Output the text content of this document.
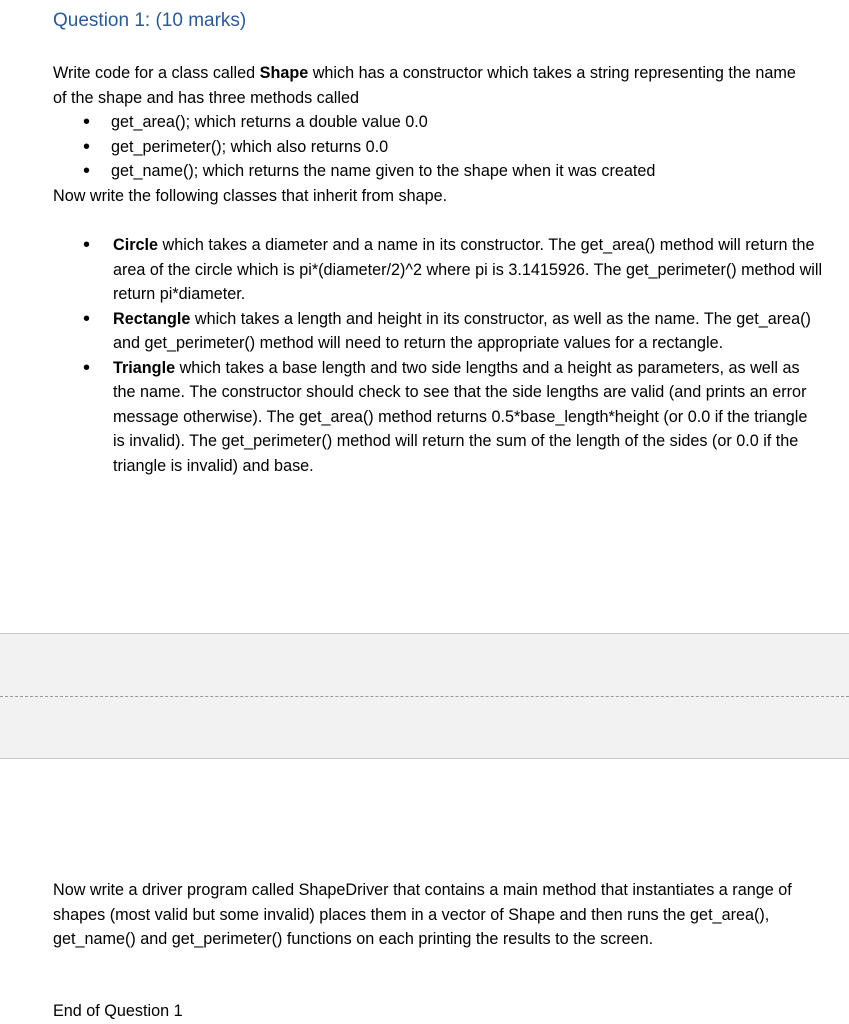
Question 1: (10 marks)

Write code for a class called Shape which has a constructor which takes a string representing the name of the shape and has three methods called

• get_area(); which returns a double value 0.0
• get_perimeter(); which also returns 0.0
• get_name(); which returns the name given to the shape when it was created

Now write the following classes that inherit from shape.

• Circle which takes a diameter and a name in its constructor. The get_area() method will return the area of the circle which is pi*(diameter/2)^2 where pi is 3.1415926. The get_perimeter() method will return pi*diameter.
• Rectangle which takes a length and height in its constructor, as well as the name. The get_area() and get_perimeter() method will need to return the appropriate values for a rectangle.
• Triangle which takes a base length and two side lengths and a height as parameters, as well as the name. The constructor should check to see that the side lengths are valid (and prints an error message otherwise). The get_area() method returns 0.5*base_length*height (or 0.0 if the triangle is invalid). The get_perimeter() method will return the sum of the length of the sides (or 0.0 if the triangle is invalid) and base.

Now write a driver program called ShapeDriver that contains a main method that instantiates a range of shapes (most valid but some invalid) places them in a vector of Shape and then runs the get_area(), get_name() and get_perimeter() functions on each printing the results to the screen.

End of Question 1
